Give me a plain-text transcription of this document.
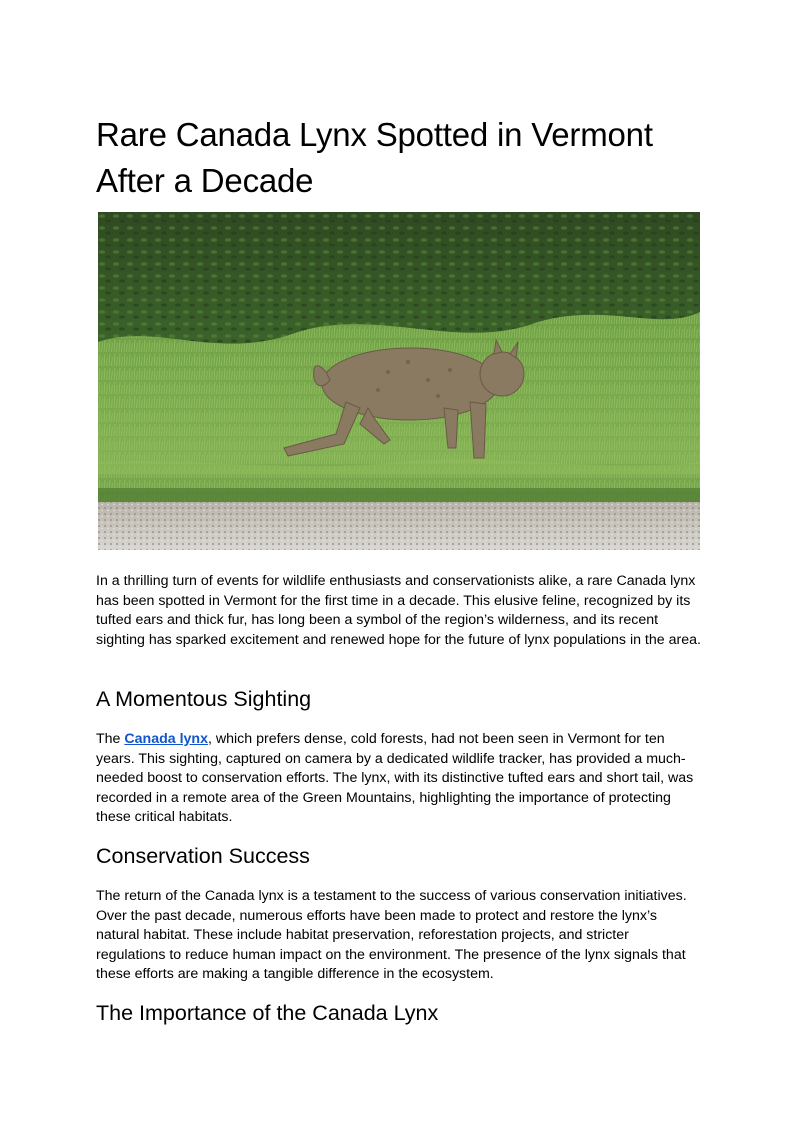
Rare Canada Lynx Spotted in Vermont After a Decade

In a thrilling turn of events for wildlife enthusiasts and conservationists alike, a rare Canada lynx has been spotted in Vermont for the first time in a decade. This elusive feline, recognized by its tufted ears and thick fur, has long been a symbol of the region’s wilderness, and its recent sighting has sparked excitement and renewed hope for the future of lynx populations in the area.

A Momentous Sighting

The Canada lynx, which prefers dense, cold forests, had not been seen in Vermont for ten years. This sighting, captured on camera by a dedicated wildlife tracker, has provided a much-needed boost to conservation efforts. The lynx, with its distinctive tufted ears and short tail, was recorded in a remote area of the Green Mountains, highlighting the importance of protecting these critical habitats.

Conservation Success

The return of the Canada lynx is a testament to the success of various conservation initiatives. Over the past decade, numerous efforts have been made to protect and restore the lynx’s natural habitat. These include habitat preservation, reforestation projects, and stricter regulations to reduce human impact on the environment. The presence of the lynx signals that these efforts are making a tangible difference in the ecosystem.

The Importance of the Canada Lynx
